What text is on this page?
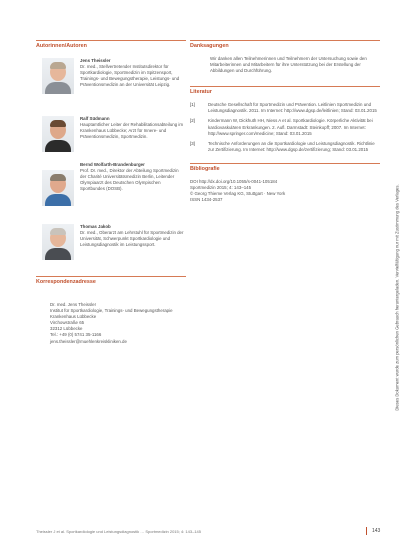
Autorinnen/Autoren
Jens Theissler
Dr. med., Stellvertretender Institutsdirektor für Sportkardiologie, Sportmedizin im Spitzensport, Trainings- und Bewegungstherapie, Leistungs- und Präventionsmedizin an der Universität Leipzig.
Ralf Südmann
Hauptamtlicher Leiter der Rehabilitationsabteilung im Krankenhaus Lübbecke; Arzt für Innere- und Präventionsmedizin, Sportmedizin.
Bernd Wolfarth-Brandenburger
Prof. Dr. med., Direktor der Abteilung Sportmedizin der Charité Universitätsmedizin Berlin, Leitender Olympiaarzt des Deutschen Olympischen Sportbundes (DOSB).
Thomas Jakob
Dr. med., Oberarzt am Lehrstuhl für Sportmedizin der Universität, Schwerpunkt Sportkardiologie und Leistungsdiagnostik im Leistungssport.
Korrespondenzadresse
Dr. med. Jens Theissler
Institut für Sportkardiologie, Trainings- und Bewegungstherapie
Krankenhaus Lübbecke
Virchowstraße 65
32312 Lübbecke
Tel.: +49 (0) 5741 35-1166
jens.theissler@muehlenkreiskliniken.de
Danksagungen
Wir danken allen Teilnehmerinnen und Teilnehmern der Untersuchung sowie den Mitarbeiterinnen und Mitarbeitern für ihre Unterstützung bei der Erstellung der Abbildungen und Durchführung.
Literatur
[1]	Deutsche Gesellschaft für Sportmedizin und Prävention. Leitlinien Sportmedizin und Leistungsdiagnostik. 2011. Im Internet: http://www.dgsp.de/leitlinien; Stand: 03.01.2015
[2]	Kindermann W, Dickhuth HH, Niess A et al. Sportkardiologie. Körperliche Aktivität bei kardiovaskulären Erkrankungen. 2. Aufl. Darmstadt: Steinkopff; 2007. Im Internet: http://www.springer.com/medicine; Stand: 03.01.2015
[3]	Technische Anforderungen an die Sportkardiologie und Leistungsdiagnostik. Richtlinie zur Zertifizierung. Im Internet: http://www.dgsp.de/zertifizierung; Stand: 03.01.2015
Bibliografie
DOI http://dx.doi.org/10.1055/s-0041-105184
Sportmedizin 2015; 4: 143–145
© Georg Thieme Verlag KG, Stuttgart · New York
ISSN 1434-2537	Dieses Dokument wurde zum persönlichen Gebrauch heruntergeladen. Vervielfältigung nur mit Zustimmung des Verlages.
Theissler J et al. Sportkardiologie und Leistungsdiagnostik … Sportmedizin 2015; 4: 143–145	143
